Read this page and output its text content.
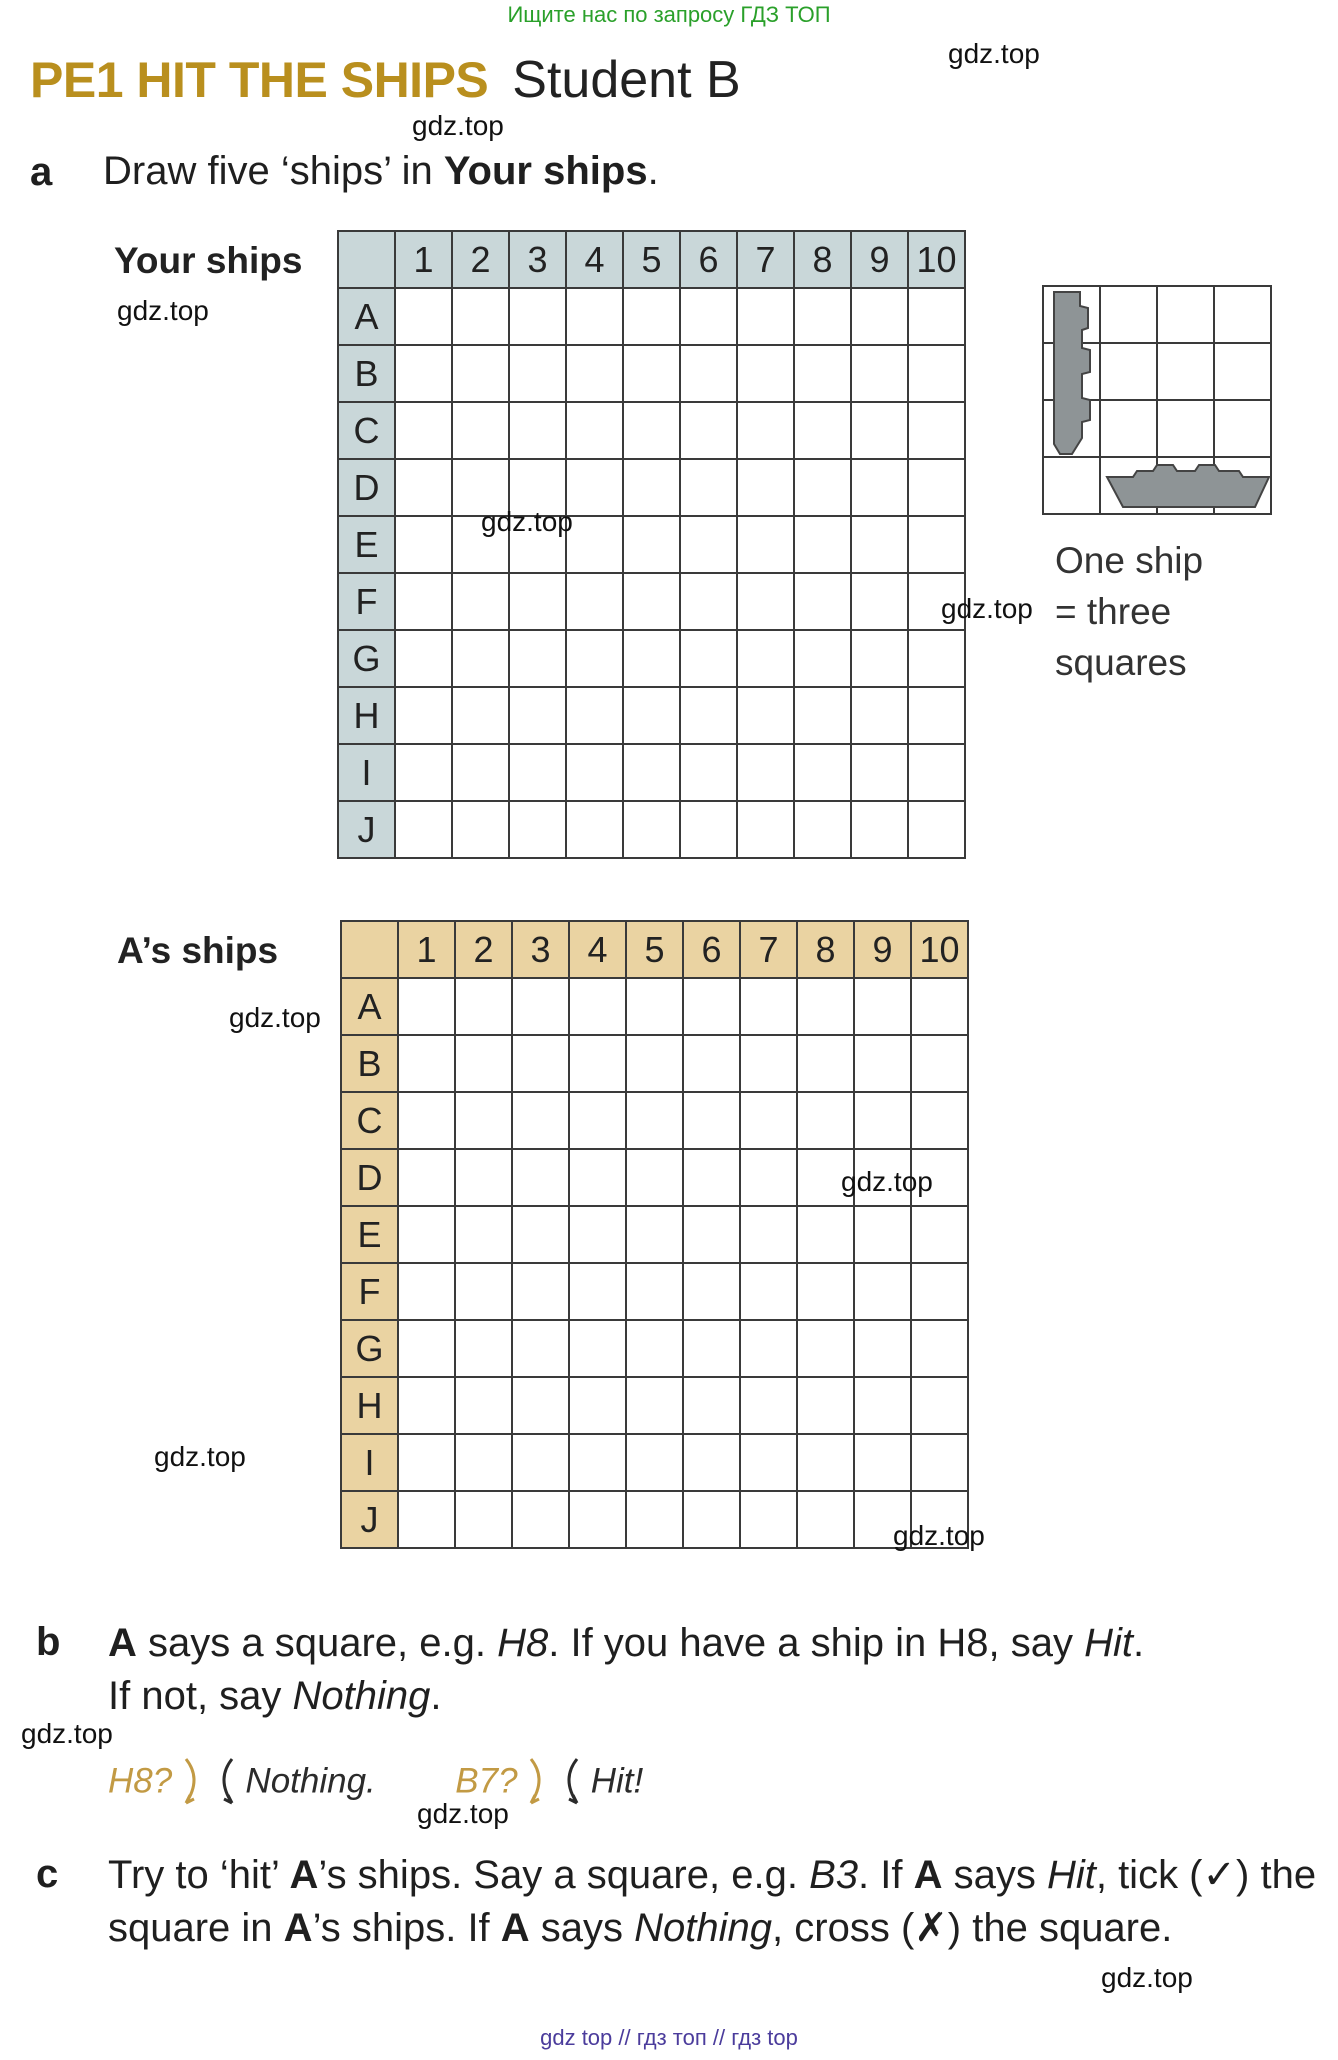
Ищите нас по запросу ГДЗ ТОП
PE1 HIT THE SHIPS Student B
a Draw five ‘ships’ in Your ships.
Your ships
		1	2	3	4	5	6	7	8	9	10
A										
B										
C										
D										
E										
F										
G										
H										
I										
J										

One ship
= three
squares
A’s ships
		1	2	3	4	5	6	7	8	9	10
A										
B										
C										
D										
E										
F										
G										
H										
I										
J										
b A says a square, e.g. H8. If you have a ship in H8, say Hit.
If not, say Nothing.
H8? Nothing. B7? Hit!
c Try to ‘hit’ A’s ships. Say a square, e.g. B3. If A says Hit, tick (✓) the square in A’s ships. If A says Nothing, cross (✗) the square.
gdz.top
gdz.top
gdz.top
gdz.top
gdz.top
gdz.top
gdz.top
gdz.top
gdz.top
gdz.top
gdz.top
gdz.top
gdz top // гдз топ // гдз top
